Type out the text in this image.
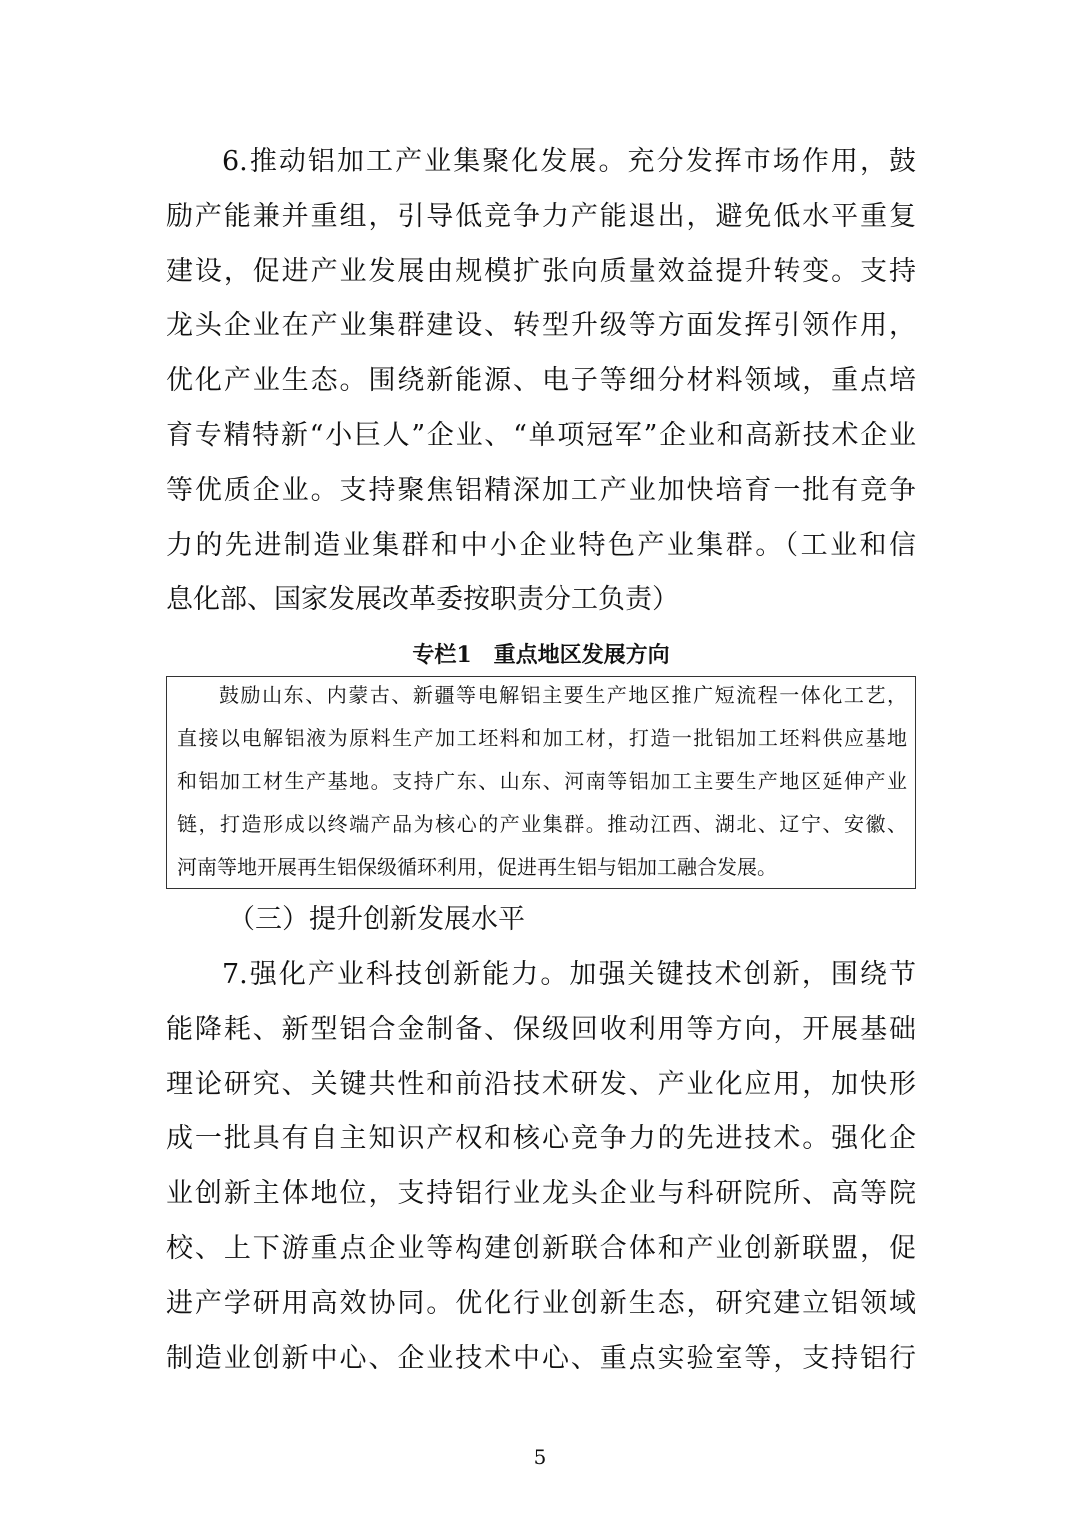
6.推动铝加工产业集聚化发展。充分发挥市场作用，鼓
励产能兼并重组，引导低竞争力产能退出，避免低水平重复
建设，促进产业发展由规模扩张向质量效益提升转变。支持
龙头企业在产业集群建设、转型升级等方面发挥引领作用，
优化产业生态。围绕新能源、电子等细分材料领域，重点培
育专精特新“小巨人”企业、“单项冠军”企业和高新技术企业
等优质企业。支持聚焦铝精深加工产业加快培育一批有竞争
力的先进制造业集群和中小企业特色产业集群。（工业和信
息化部、国家发展改革委按职责分工负责）
专栏1　重点地区发展方向
鼓励山东、内蒙古、新疆等电解铝主要生产地区推广短流程一体化工艺，
直接以电解铝液为原料生产加工坯料和加工材，打造一批铝加工坯料供应基地
和铝加工材生产基地。支持广东、山东、河南等铝加工主要生产地区延伸产业
链，打造形成以终端产品为核心的产业集群。推动江西、湖北、辽宁、安徽、
河南等地开展再生铝保级循环利用，促进再生铝与铝加工融合发展。
（三）提升创新发展水平
7.强化产业科技创新能力。加强关键技术创新，围绕节
能降耗、新型铝合金制备、保级回收利用等方向，开展基础
理论研究、关键共性和前沿技术研发、产业化应用，加快形
成一批具有自主知识产权和核心竞争力的先进技术。强化企
业创新主体地位，支持铝行业龙头企业与科研院所、高等院
校、上下游重点企业等构建创新联合体和产业创新联盟，促
进产学研用高效协同。优化行业创新生态，研究建立铝领域
制造业创新中心、企业技术中心、重点实验室等，支持铝行
5
